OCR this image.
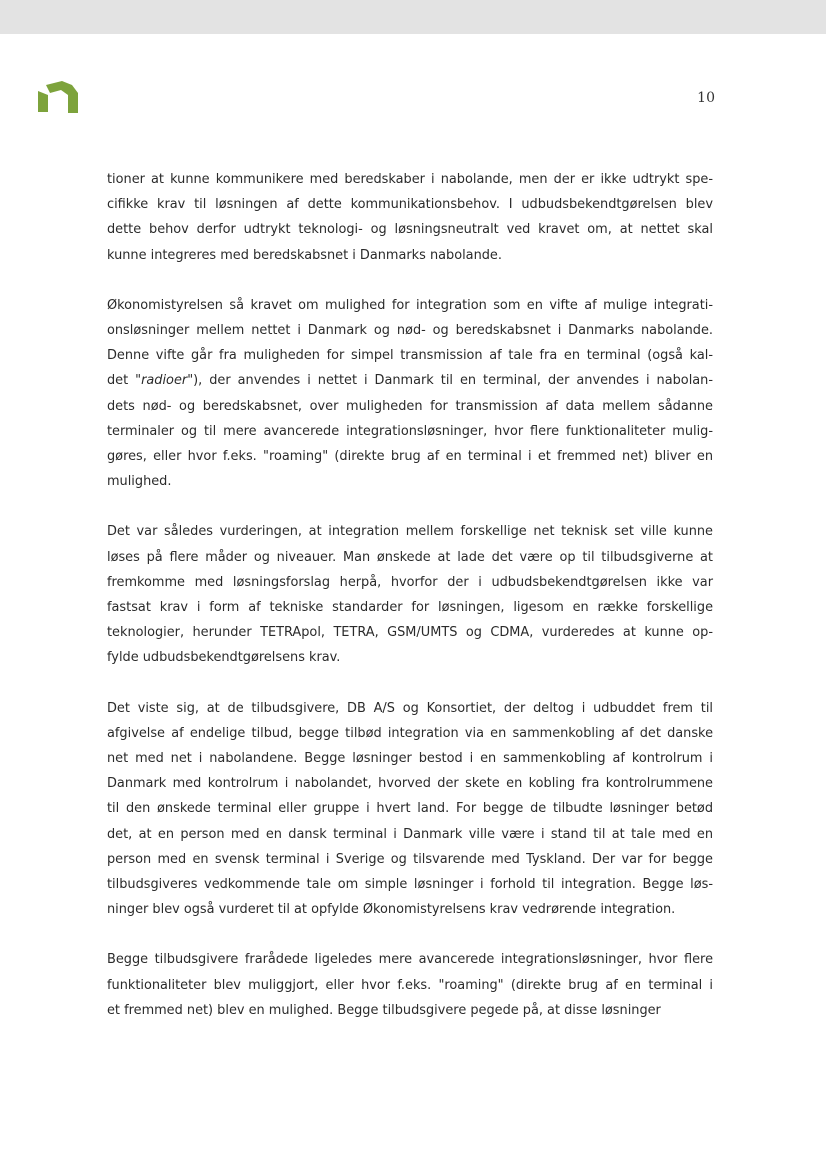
10

tioner at kunne kommunikere med beredskaber i nabolande, men der er ikke udtrykt spe-
cifikke krav til løsningen af dette kommunikationsbehov. I udbudsbekendtgørelsen blev
dette behov derfor udtrykt teknologi- og løsningsneutralt ved kravet om, at nettet skal
kunne integreres med beredskabsnet i Danmarks nabolande.

Økonomistyrelsen så kravet om mulighed for integration som en vifte af mulige integrati-
onsløsninger mellem nettet i Danmark og nød- og beredskabsnet i Danmarks nabolande.
Denne vifte går fra muligheden for simpel transmission af tale fra en terminal (også kal-
det "radioer"), der anvendes i nettet i Danmark til en terminal, der anvendes i nabolan-
dets nød- og beredskabsnet, over muligheden for transmission af data mellem sådanne
terminaler og til mere avancerede integrationsløsninger, hvor flere funktionaliteter mulig-
gøres, eller hvor f.eks. "roaming" (direkte brug af en terminal i et fremmed net) bliver en
mulighed.

Det var således vurderingen, at integration mellem forskellige net teknisk set ville kunne
løses på flere måder og niveauer. Man ønskede at lade det være op til tilbudsgiverne at
fremkomme med løsningsforslag herpå, hvorfor der i udbudsbekendtgørelsen ikke var
fastsat krav i form af tekniske standarder for løsningen, ligesom en række forskellige
teknologier, herunder TETRApol, TETRA, GSM/UMTS og CDMA, vurderedes at kunne op-
fylde udbudsbekendtgørelsens krav.

Det viste sig, at de tilbudsgivere, DB A/S og Konsortiet, der deltog i udbuddet frem til
afgivelse af endelige tilbud, begge tilbød integration via en sammenkobling af det danske
net med net i nabolandene. Begge løsninger bestod i en sammenkobling af kontrolrum i
Danmark med kontrolrum i nabolandet, hvorved der skete en kobling fra kontrolrummene
til den ønskede terminal eller gruppe i hvert land. For begge de tilbudte løsninger betød
det, at en person med en dansk terminal i Danmark ville være i stand til at tale med en
person med en svensk terminal i Sverige og tilsvarende med Tyskland. Der var for begge
tilbudsgiveres vedkommende tale om simple løsninger i forhold til integration. Begge løs-
ninger blev også vurderet til at opfylde Økonomistyrelsens krav vedrørende integration.

Begge tilbudsgivere frarådede ligeledes mere avancerede integrationsløsninger, hvor flere
funktionaliteter blev muliggjort, eller hvor f.eks. "roaming" (direkte brug af en terminal i
et fremmed net) blev en mulighed. Begge tilbudsgivere pegede på, at disse løsninger
